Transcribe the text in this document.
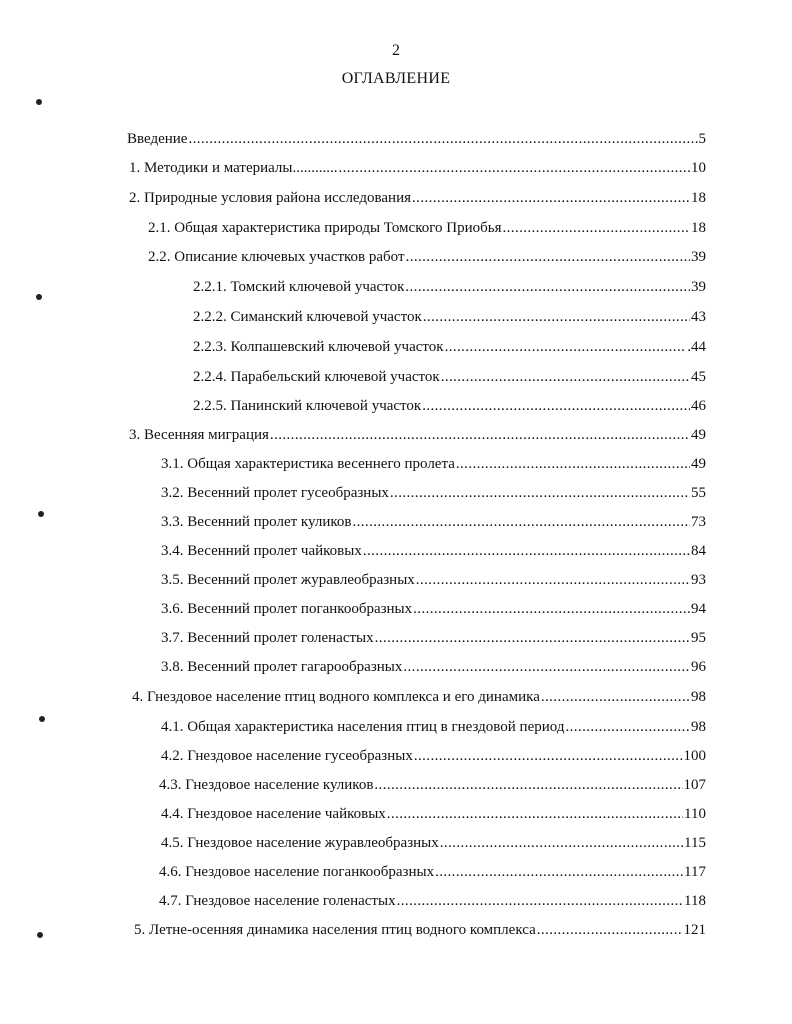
2
ОГЛАВЛЕНИЕ
Введение .....	5
1. Методики и материалы............ .....	10
2. Природные условия района исследования .....	18
2.1. Общая характеристика природы Томского Приобья .....	18
2.2. Описание ключевых участков работ .....	39
2.2.1. Томский ключевой участок .....	39
2.2.2. Симанский ключевой участок .....	43
2.2.3. Колпашевский ключевой участок .....	.44
2.2.4. Парабельский ключевой участок .....	45
2.2.5. Панинский ключевой участок .....	46
3. Весенняя миграция .....	49
3.1. Общая характеристика весеннего пролета .....	49
3.2. Весенний пролет гусеобразных .....	55
3.3. Весенний пролет куликов .....	73
3.4. Весенний пролет чайковых .....	84
3.5. Весенний пролет журавлеобразных .....	93
3.6. Весенний пролет поганкообразных .....	94
3.7. Весенний пролет голенастых .....	95
3.8. Весенний пролет гагарообразных .....	96
4. Гнездовое население птиц водного комплекса и его динамика .....	98
4.1. Общая характеристика населения птиц в гнездовой период .....	98
4.2. Гнездовое население гусеобразных .....	100
4.3. Гнездовое население куликов .....	107
4.4. Гнездовое население чайковых .....	110
4.5. Гнездовое население журавлеобразных .....	115
4.6. Гнездовое население поганкообразных .....	117
4.7. Гнездовое население голенастых .....	118
5. Летне-осенняя динамика населения птиц водного комплекса .....	121
